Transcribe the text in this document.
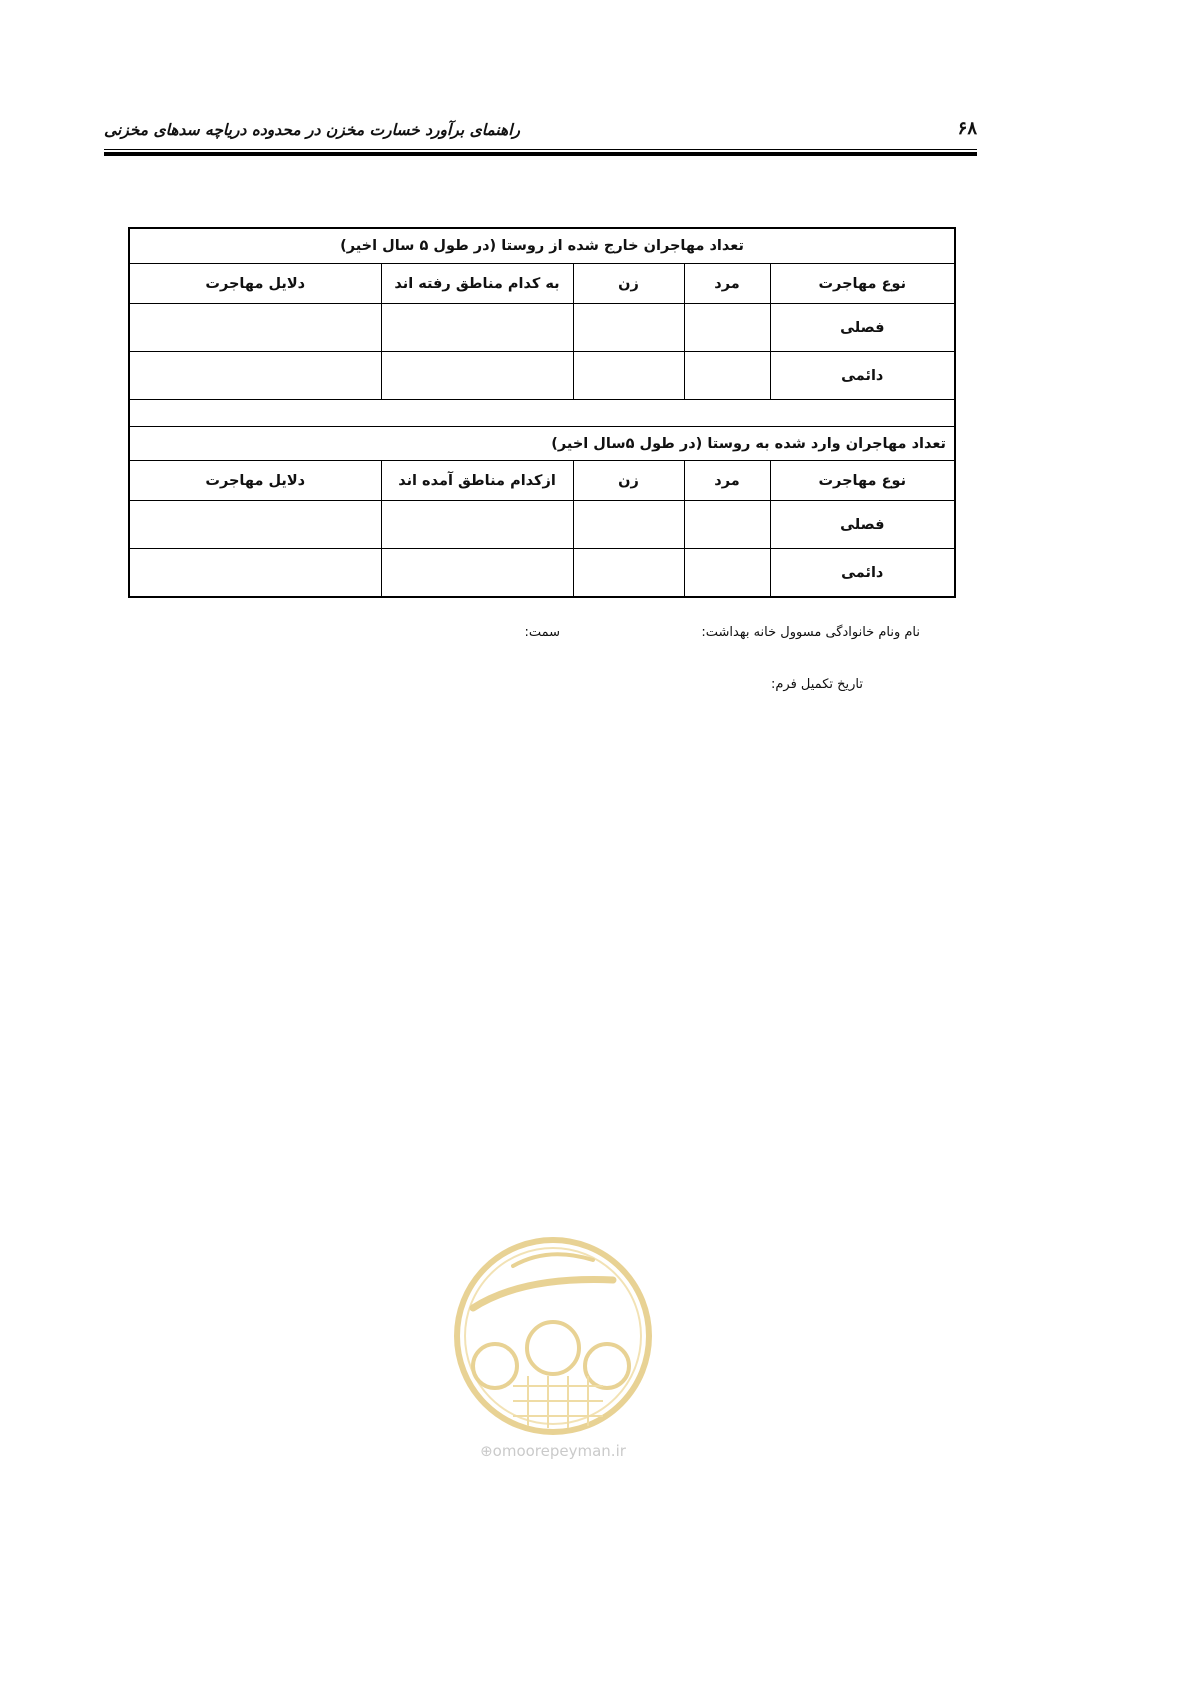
۶۸
راهنمای برآورد خسارت مخزن در محدوده دریاچه سدهای مخزنی
تعداد مهاجران خارج شده از روستا (در طول ۵ سال اخیر)				
نوع مهاجرت	مرد	زن	به کدام مناطق رفته اند	دلایل مهاجرت
فصلی				
دائمی				

تعداد مهاجران وارد شده به روستا (در طول ۵سال اخیر)				
نوع مهاجرت	مرد	زن	ازکدام مناطق آمده اند	دلایل مهاجرت
فصلی				
دائمی				
نام ونام خانوادگی مسوول خانه بهداشت:
سمت:
تاریخ تکمیل فرم:
⊕omoorepeyman.ir
